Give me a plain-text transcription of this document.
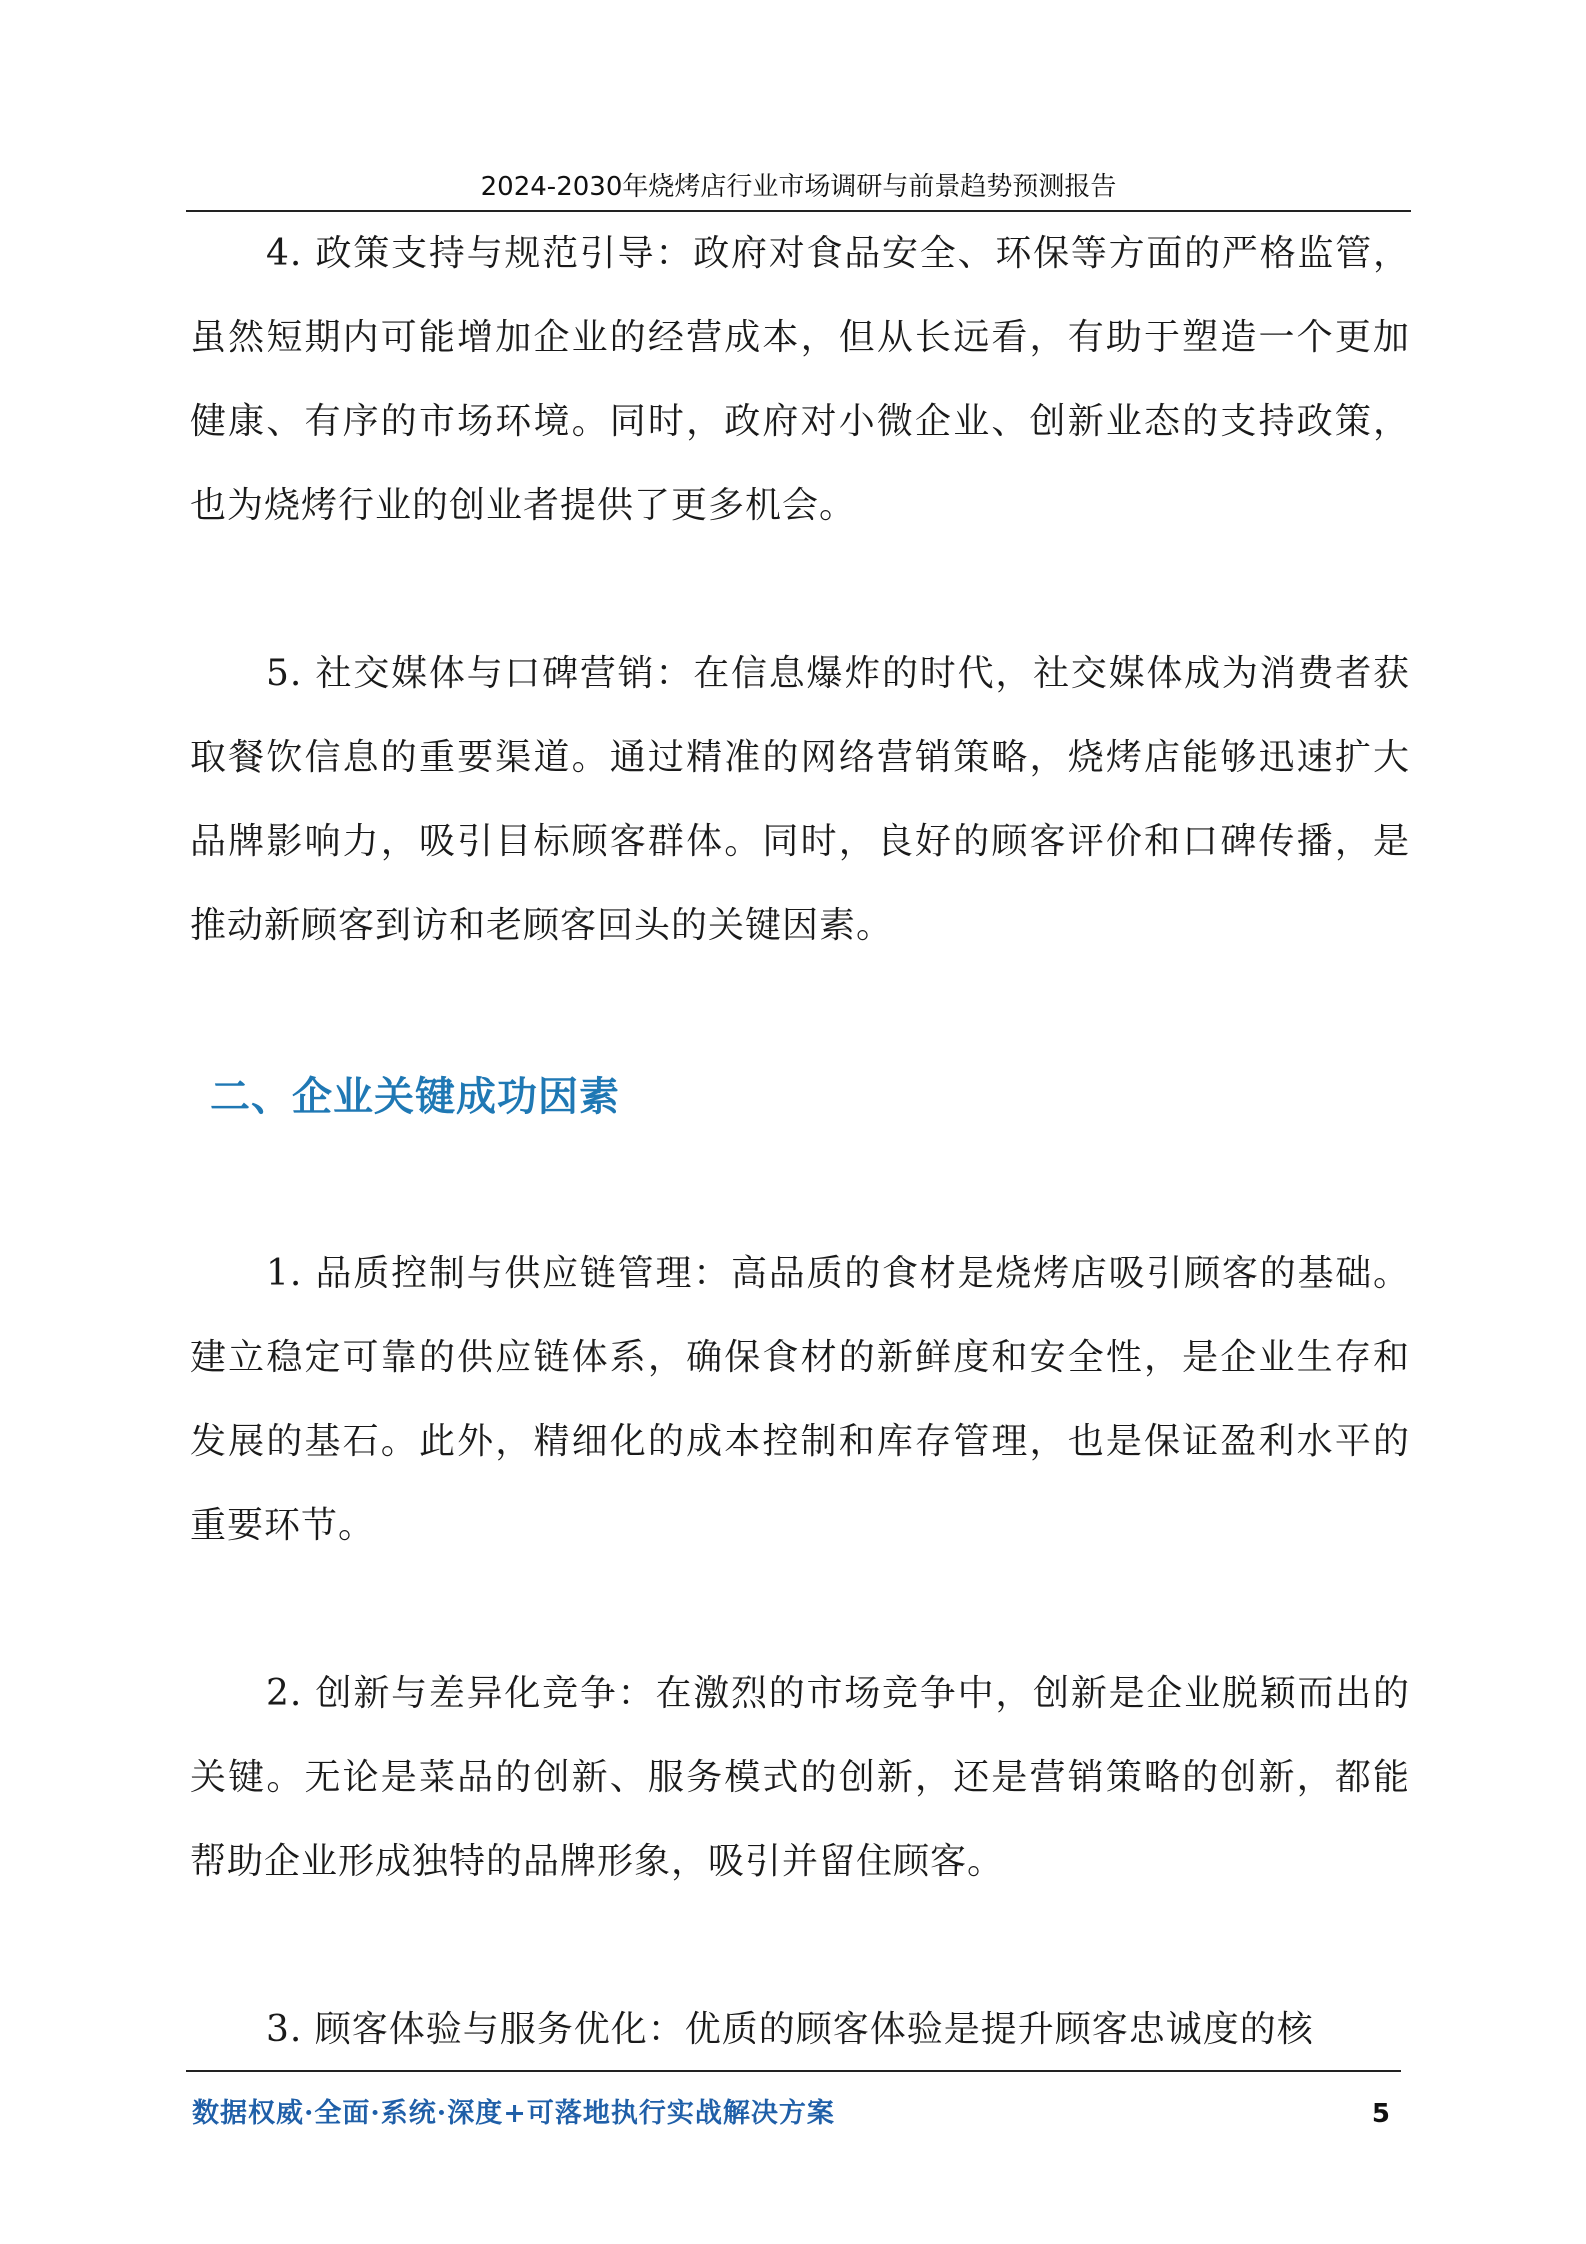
2024-2030年烧烤店行业市场调研与前景趋势预测报告

4. 政策支持与规范引导：政府对食品安全、环保等方面的严格监管，虽然短期内可能增加企业的经营成本，但从长远看，有助于塑造一个更加健康、有序的市场环境。同时，政府对小微企业、创新业态的支持政策，也为烧烤行业的创业者提供了更多机会。

5. 社交媒体与口碑营销：在信息爆炸的时代，社交媒体成为消费者获取餐饮信息的重要渠道。通过精准的网络营销策略，烧烤店能够迅速扩大品牌影响力，吸引目标顾客群体。同时，良好的顾客评价和口碑传播，是推动新顾客到访和老顾客回头的关键因素。

二、企业关键成功因素

1. 品质控制与供应链管理：高品质的食材是烧烤店吸引顾客的基础。建立稳定可靠的供应链体系，确保食材的新鲜度和安全性，是企业生存和发展的基石。此外，精细化的成本控制和库存管理，也是保证盈利水平的重要环节。

2. 创新与差异化竞争：在激烈的市场竞争中，创新是企业脱颖而出的关键。无论是菜品的创新、服务模式的创新，还是营销策略的创新，都能帮助企业形成独特的品牌形象，吸引并留住顾客。

3. 顾客体验与服务优化：优质的顾客体验是提升顾客忠诚度的核

数据权威·全面·系统·深度+可落地执行实战解决方案	5
